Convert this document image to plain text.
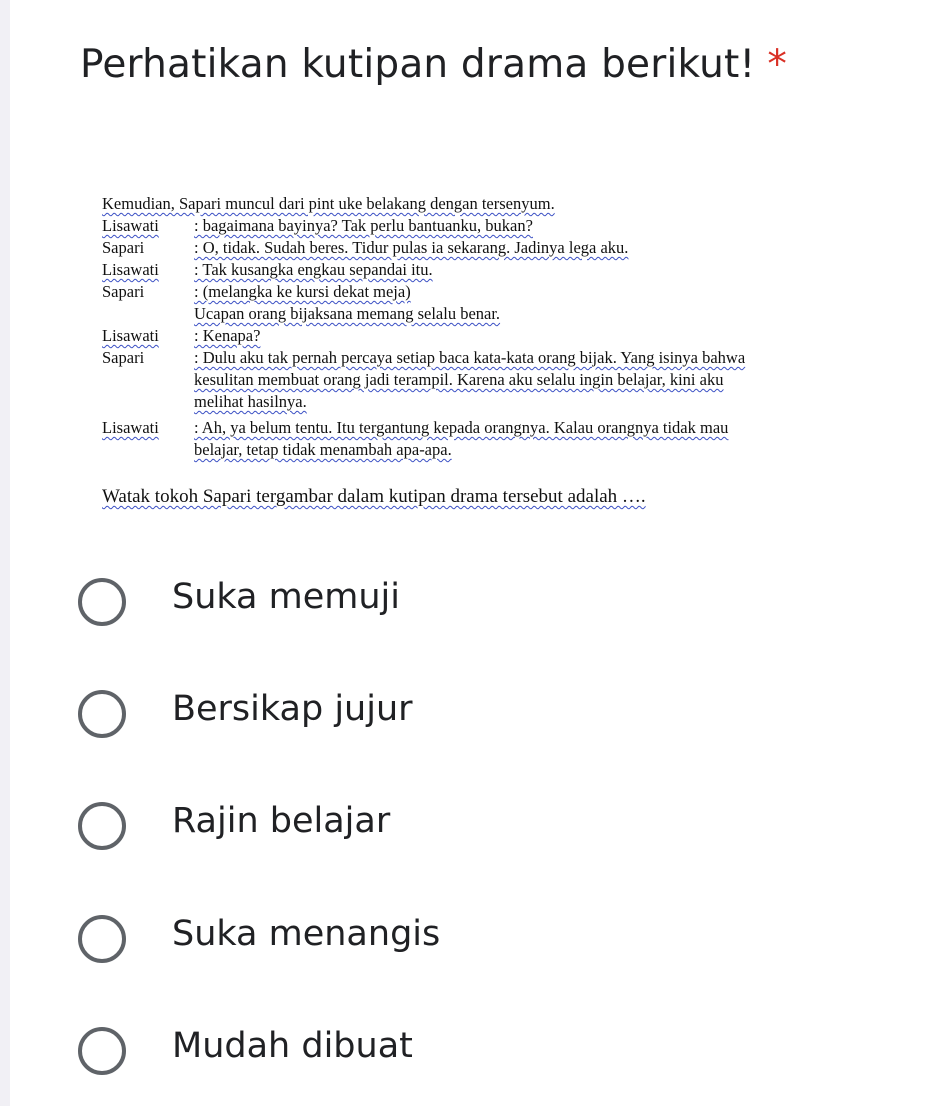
Perhatikan kutipan drama berikut! *
Kemudian, Sapari muncul dari pint uke belakang dengan tersenyum.
Lisawati : bagaimana bayinya? Tak perlu bantuanku, bukan?
Sapari	: O, tidak. Sudah beres. Tidur pulas ia sekarang. Jadinya lega aku.
Lisawati : Tak kusangka engkau sepandai itu.
Sapari	: (melangka ke kursi dekat meja)
Ucapan orang bijaksana memang selalu benar.
Lisawati : Kenapa?
Sapari	: Dulu aku tak pernah percaya setiap baca kata-kata orang bijak. Yang isinya bahwa
kesulitan membuat orang jadi terampil. Karena aku selalu ingin belajar, kini aku
melihat hasilnya.
Lisawati : Ah, ya belum tentu. Itu tergantung kepada orangnya. Kalau orangnya tidak mau
belajar, tetap tidak menambah apa-apa.
Watak tokoh Sapari tergambar dalam kutipan drama tersebut adalah ….
Suka memuji
Bersikap jujur
Rajin belajar
Suka menangis
Mudah dibuat
